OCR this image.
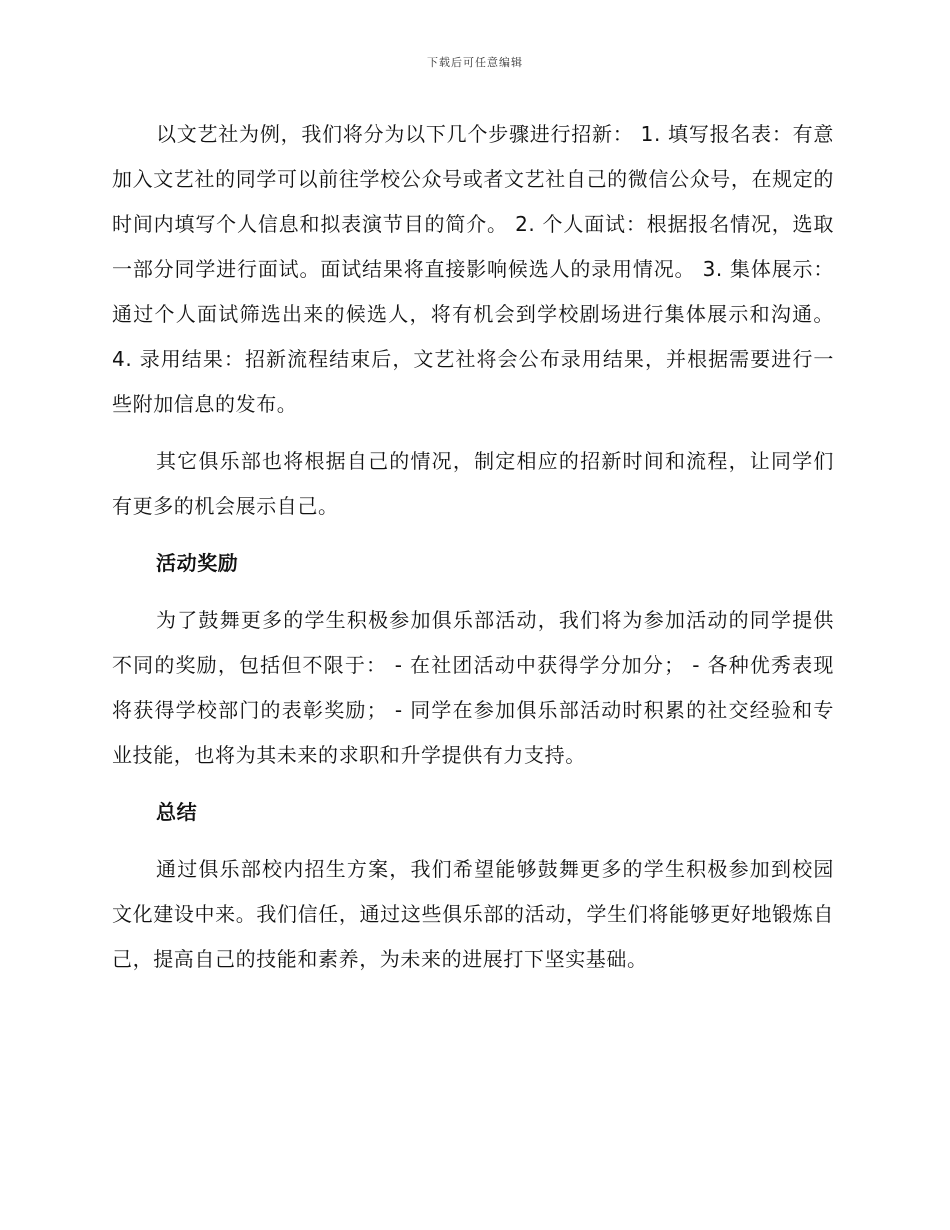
下载后可任意编辑

以文艺社为例，我们将分为以下几个步骤进行招新： 1. 填写报名表：有意加入文艺社的同学可以前往学校公众号或者文艺社自己的微信公众号，在规定的时间内填写个人信息和拟表演节目的简介。 2. 个人面试：根据报名情况，选取一部分同学进行面试。面试结果将直接影响候选人的录用情况。 3. 集体展示：通过个人面试筛选出来的候选人，将有机会到学校剧场进行集体展示和沟通。 4. 录用结果：招新流程结束后，文艺社将会公布录用结果，并根据需要进行一些附加信息的发布。

其它俱乐部也将根据自己的情况，制定相应的招新时间和流程，让同学们有更多的机会展示自己。

活动奖励

为了鼓舞更多的学生积极参加俱乐部活动，我们将为参加活动的同学提供不同的奖励，包括但不限于： - 在社团活动中获得学分加分； - 各种优秀表现将获得学校部门的表彰奖励； - 同学在参加俱乐部活动时积累的社交经验和专业技能，也将为其未来的求职和升学提供有力支持。

总结

通过俱乐部校内招生方案，我们希望能够鼓舞更多的学生积极参加到校园文化建设中来。我们信任，通过这些俱乐部的活动，学生们将能够更好地锻炼自己，提高自己的技能和素养，为未来的进展打下坚实基础。
